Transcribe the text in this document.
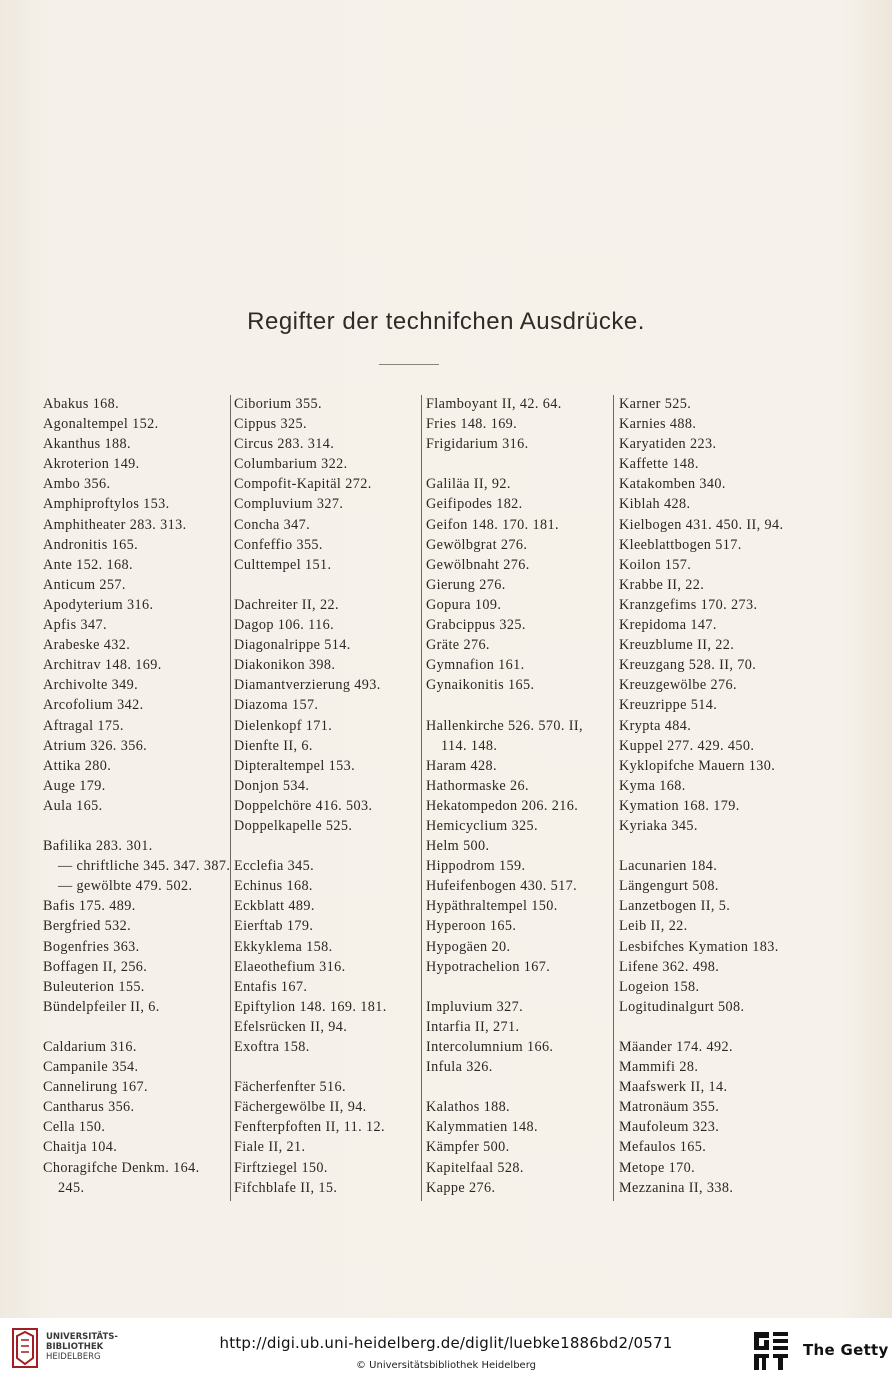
Regifter der technifchen Ausdrücke.
Abakus 168.
Agonaltempel 152.
Akanthus 188.
Akroterion 149.
Ambo 356.
Amphiproftylos 153.
Amphitheater 283. 313.
Andronitis 165.
Ante 152. 168.
Anticum 257.
Apodyterium 316.
Apfis 347.
Arabeske 432.
Architrav 148. 169.
Archivolte 349.
Arcofolium 342.
Aftragal 175.
Atrium 326. 356.
Attika 280.
Auge 179.
Aula 165.
Bafilika 283. 301.
— chriftliche 345. 347. 387.
— gewölbte 479. 502.
Bafis 175. 489.
Bergfried 532.
Bogenfries 363.
Boffagen II, 256.
Buleuterion 155.
Bündelpfeiler II, 6.
Caldarium 316.
Campanile 354.
Cannelirung 167.
Cantharus 356.
Cella 150.
Chaitja 104.
Choragifche Denkm. 164.
245.
Ciborium 355.
Cippus 325.
Circus 283. 314.
Columbarium 322.
Compofit-Kapitäl 272.
Compluvium 327.
Concha 347.
Confeffio 355.
Culttempel 151.
Dachreiter II, 22.
Dagop 106. 116.
Diagonalrippe 514.
Diakonikon 398.
Diamantverzierung 493.
Diazoma 157.
Dielenkopf 171.
Dienfte II, 6.
Dipteraltempel 153.
Donjon 534.
Doppelchöre 416. 503.
Doppelkapelle 525.
Ecclefia 345.
Echinus 168.
Eckblatt 489.
Eierftab 179.
Ekkyklema 158.
Elaeothefium 316.
Entafis 167.
Epiftylion 148. 169. 181.
Efelsrücken II, 94.
Exoftra 158.
Fächerfenfter 516.
Fächergewölbe II, 94.
Fenfterpfoften II, 11. 12.
Fiale II, 21.
Firftziegel 150.
Fifchblafe II, 15.
Flamboyant II, 42. 64.
Fries 148. 169.
Frigidarium 316.
Galiläa II, 92.
Geifipodes 182.
Geifon 148. 170. 181.
Gewölbgrat 276.
Gewölbnaht 276.
Gierung 276.
Gopura 109.
Grabcippus 325.
Gräte 276.
Gymnafion 161.
Gynaikonitis 165.
Hallenkirche 526. 570. II,
114. 148.
Haram 428.
Hathormaske 26.
Hekatompedon 206. 216.
Hemicyclium 325.
Helm 500.
Hippodrom 159.
Hufeifenbogen 430. 517.
Hypäthraltempel 150.
Hyperoon 165.
Hypogäen 20.
Hypotrachelion 167.
Impluvium 327.
Intarfia II, 271.
Intercolumnium 166.
Infula 326.
Kalathos 188.
Kalymmatien 148.
Kämpfer 500.
Kapitelfaal 528.
Kappe 276.
Karner 525.
Karnies 488.
Karyatiden 223.
Kaffette 148.
Katakomben 340.
Kiblah 428.
Kielbogen 431. 450. II, 94.
Kleeblattbogen 517.
Koilon 157.
Krabbe II, 22.
Kranzgefims 170. 273.
Krepidoma 147.
Kreuzblume II, 22.
Kreuzgang 528. II, 70.
Kreuzgewölbe 276.
Kreuzrippe 514.
Krypta 484.
Kuppel 277. 429. 450.
Kyklopifche Mauern 130.
Kyma 168.
Kymation 168. 179.
Kyriaka 345.
Lacunarien 184.
Längengurt 508.
Lanzetbogen II, 5.
Leib II, 22.
Lesbifches Kymation 183.
Lifene 362. 498.
Logeion 158.
Logitudinalgurt 508.
Mäander 174. 492.
Mammifi 28.
Maafswerk II, 14.
Matronäum 355.
Maufoleum 323.
Mefaulos 165.
Metope 170.
Mezzanina II, 338.
UNIVERSITÄTS-
BIBLIOTHEK
HEIDELBERG
http://digi.ub.uni-heidelberg.de/diglit/luebke1886bd2/0571
© Universitätsbibliothek Heidelberg
The Getty
